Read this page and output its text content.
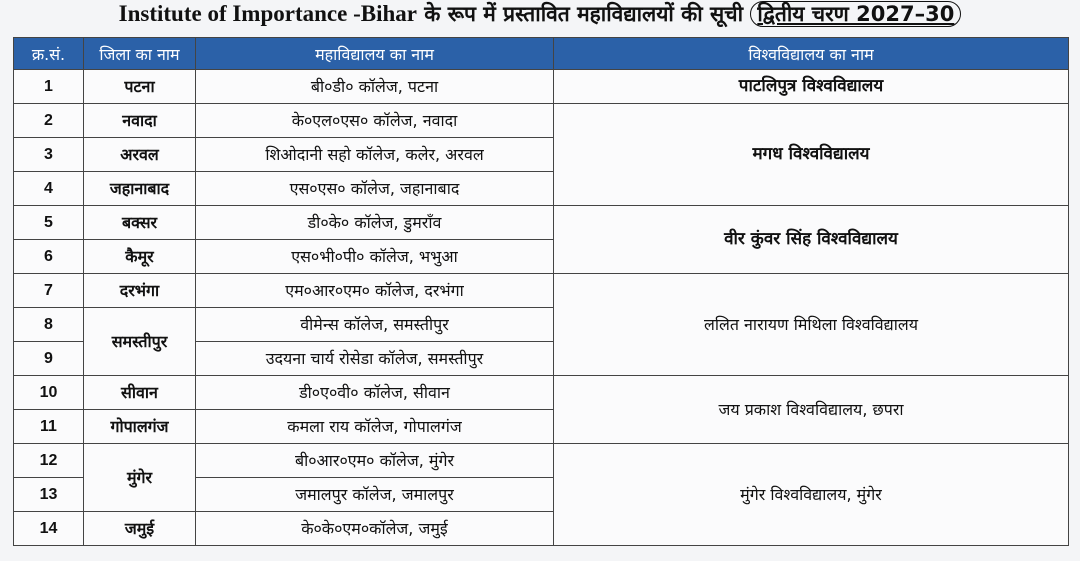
Institute of Importance -Bihar के रूप में प्रस्तावित महाविद्यालयों की सूची द्वितीय चरण 2027–30
क्र.सं.	जिला का नाम	महाविद्यालय का नाम	विश्वविद्यालय का नाम
1	पटना	बी०डी० कॉलेज, पटना	पाटलिपुत्र विश्वविद्यालय
2	नवादा	के०एल०एस० कॉलेज, नवादा	मगध विश्वविद्यालय
3	अरवल	शिओदानी सहो कॉलेज, कलेर, अरवल	
4	जहानाबाद	एस०एस० कॉलेज, जहानाबाद	
5	बक्सर	डी०के० कॉलेज, डुमराँव	वीर कुंवर सिंह विश्वविद्यालय
6	कैमूर	एस०भी०पी० कॉलेज, भभुआ	
7	दरभंगा	एम०आर०एम० कॉलेज, दरभंगा	ललित नारायण मिथिला विश्वविद्यालय
8	समस्तीपुर	वीमेन्स कॉलेज, समस्तीपुर	
9		उदयना चार्य रोसेडा कॉलेज, समस्तीपुर	
10	सीवान	डी०ए०वी० कॉलेज, सीवान	जय प्रकाश विश्वविद्यालय, छपरा
11	गोपालगंज	कमला राय कॉलेज, गोपालगंज	
12	मुंगेर	बी०आर०एम० कॉलेज, मुंगेर	मुंगेर विश्वविद्यालय, मुंगेर
13		जमालपुर कॉलेज, जमालपुर	
14	जमुई	के०के०एम०कॉलेज, जमुई	
